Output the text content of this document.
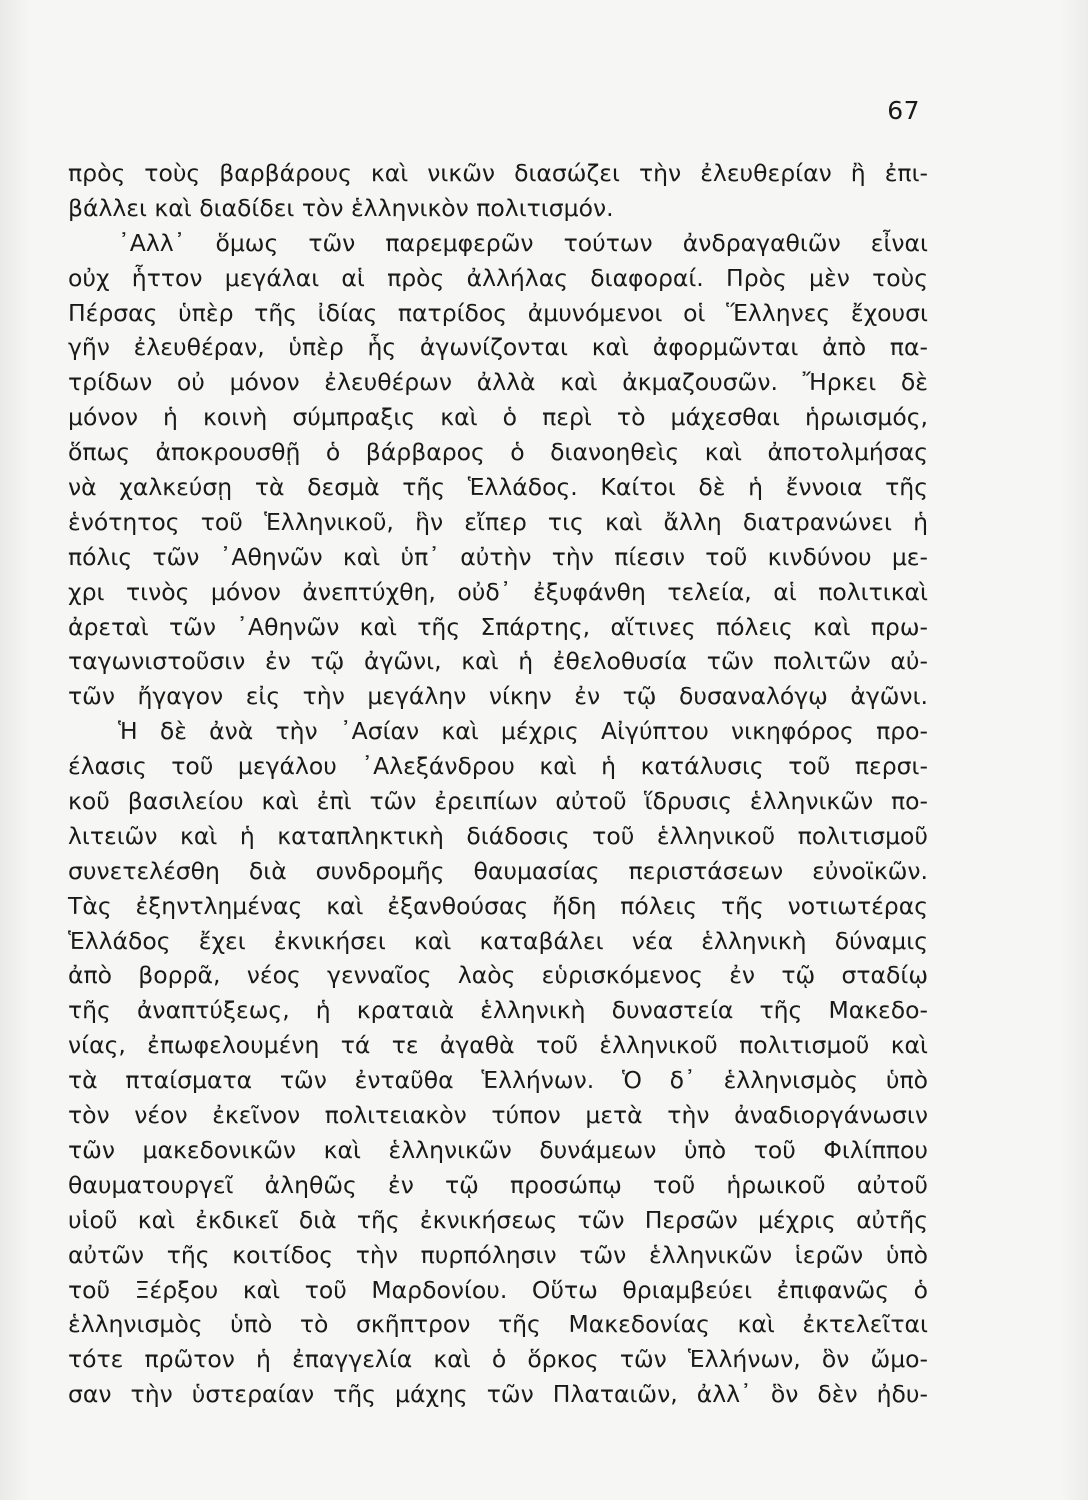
67
πρὸς τοὺς βαρβάρους καὶ νικῶν διασώζει τὴν ἐλευθερίαν ἢ ἐπι-
βάλλει καὶ διαδίδει τὸν ἑλληνικὸν πολιτισμόν.
᾿Αλλ᾿ ὅμως τῶν παρεμφερῶν τούτων ἀνδραγαθιῶν εἶναι
οὐχ ἧττον μεγάλαι αἱ πρὸς ἀλλήλας διαφοραί. Πρὸς μὲν τοὺς
Πέρσας ὑπὲρ τῆς ἰδίας πατρίδος ἀμυνόμενοι οἱ Ἕλληνες ἔχουσι
γῆν ἐλευθέραν, ὑπὲρ ἧς ἀγωνίζονται καὶ ἀφορμῶνται ἀπὸ πα-
τρίδων οὐ μόνον ἐλευθέρων ἀλλὰ καὶ ἀκμαζουσῶν. Ἤρκει δὲ
μόνον ἡ κοινὴ σύμπραξις καὶ ὁ περὶ τὸ μάχεσθαι ἡρωισμός,
ὅπως ἀποκρουσθῇ ὁ βάρβαρος ὁ διανοηθεὶς καὶ ἀποτολμήσας
νὰ χαλκεύσῃ τὰ δεσμὰ τῆς Ἑλλάδος. Καίτοι δὲ ἡ ἔννοια τῆς
ἑνότητος τοῦ Ἑλληνικοῦ, ἣν εἴπερ τις καὶ ἄλλη διατρανώνει ἡ
πόλις τῶν ᾿Αθηνῶν καὶ ὑπ᾿ αὐτὴν τὴν πίεσιν τοῦ κινδύνου με-
χρι τινὸς μόνον ἀνεπτύχθη, οὐδ᾿ ἐξυφάνθη τελεία, αἱ πολιτικαὶ
ἀρεταὶ τῶν ᾿Αθηνῶν καὶ τῆς Σπάρτης, αἵτινες πόλεις καὶ πρω-
ταγωνιστοῦσιν ἐν τῷ ἀγῶνι, καὶ ἡ ἐθελοθυσία τῶν πολιτῶν αὐ-
τῶν ἤγαγον εἰς τὴν μεγάλην νίκην ἐν τῷ δυσαναλόγῳ ἀγῶνι.
Ἡ δὲ ἀνὰ τὴν ᾿Ασίαν καὶ μέχρις Αἰγύπτου νικηφόρος προ-
έλασις τοῦ μεγάλου ᾿Αλεξάνδρου καὶ ἡ κατάλυσις τοῦ περσι-
κοῦ βασιλείου καὶ ἐπὶ τῶν ἐρειπίων αὐτοῦ ἵδρυσις ἑλληνικῶν πο-
λιτειῶν καὶ ἡ καταπληκτικὴ διάδοσις τοῦ ἑλληνικοῦ πολιτισμοῦ
συνετελέσθη διὰ συνδρομῆς θαυμασίας περιστάσεων εὐνοϊκῶν.
Τὰς ἐξηντλημένας καὶ ἐξανθούσας ἤδη πόλεις τῆς νοτιωτέρας
Ἑλλάδος ἔχει ἐκνικήσει καὶ καταβάλει νέα ἑλληνικὴ δύναμις
ἀπὸ βορρᾶ, νέος γενναῖος λαὸς εὑρισκόμενος ἐν τῷ σταδίῳ
τῆς ἀναπτύξεως, ἡ κραταιὰ ἑλληνικὴ δυναστεία τῆς Μακεδο-
νίας, ἐπωφελουμένη τά τε ἀγαθὰ τοῦ ἑλληνικοῦ πολιτισμοῦ καὶ
τὰ πταίσματα τῶν ἐνταῦθα Ἑλλήνων. Ὁ δ᾿ ἑλληνισμὸς ὑπὸ
τὸν νέον ἐκεῖνον πολιτειακὸν τύπον μετὰ τὴν ἀναδιοργάνωσιν
τῶν μακεδονικῶν καὶ ἑλληνικῶν δυνάμεων ὑπὸ τοῦ Φιλίππου
θαυματουργεῖ ἀληθῶς ἐν τῷ προσώπῳ τοῦ ἡρωικοῦ αὐτοῦ
υἱοῦ καὶ ἐκδικεῖ διὰ τῆς ἐκνικήσεως τῶν Περσῶν μέχρις αὐτῆς
αὐτῶν τῆς κοιτίδος τὴν πυρπόλησιν τῶν ἑλληνικῶν ἱερῶν ὑπὸ
τοῦ Ξέρξου καὶ τοῦ Μαρδονίου. Οὕτω θριαμβεύει ἐπιφανῶς ὁ
ἑλληνισμὸς ὑπὸ τὸ σκῆπτρον τῆς Μακεδονίας καὶ ἐκτελεῖται
τότε πρῶτον ἡ ἐπαγγελία καὶ ὁ ὅρκος τῶν Ἑλλήνων, ὃν ὤμο-
σαν τὴν ὑστεραίαν τῆς μάχης τῶν Πλαταιῶν, ἀλλ᾿ ὃν δὲν ἠδυ-
